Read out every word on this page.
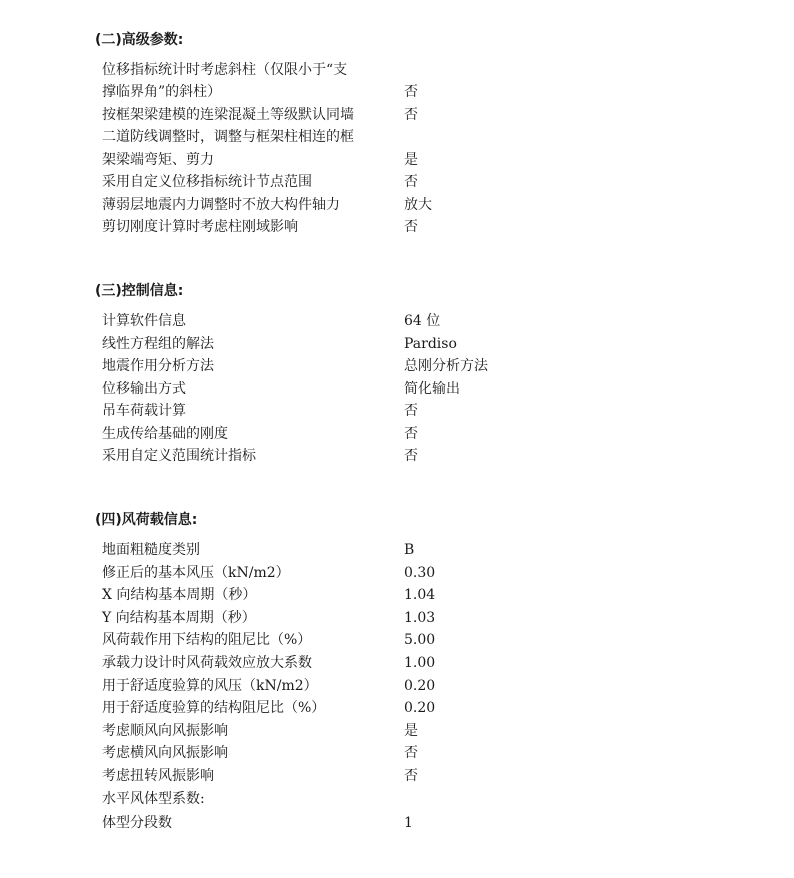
(二)高级参数:
位移指标统计时考虑斜柱（仅限小于“支
撑临界角”的斜柱）	否
按框架梁建模的连梁混凝土等级默认同墙	否
二道防线调整时，调整与框架柱相连的框
架梁端弯矩、剪力	是
采用自定义位移指标统计节点范围	否
薄弱层地震内力调整时不放大构件轴力	放大
剪切刚度计算时考虑柱刚域影响	否
(三)控制信息:
计算软件信息	64 位
线性方程组的解法	Pardiso
地震作用分析方法	总刚分析方法
位移输出方式	简化输出
吊车荷载计算	否
生成传给基础的刚度	否
采用自定义范围统计指标	否
(四)风荷载信息:
地面粗糙度类别	B
修正后的基本风压（kN/m2）	0.30
X 向结构基本周期（秒）	1.04
Y 向结构基本周期（秒）	1.03
风荷载作用下结构的阻尼比（%）	5.00
承载力设计时风荷载效应放大系数	1.00
用于舒适度验算的风压（kN/m2）	0.20
用于舒适度验算的结构阻尼比（%）	0.20
考虑顺风向风振影响	是
考虑横风向风振影响	否
考虑扭转风振影响	否
水平风体型系数:
体型分段数	1
